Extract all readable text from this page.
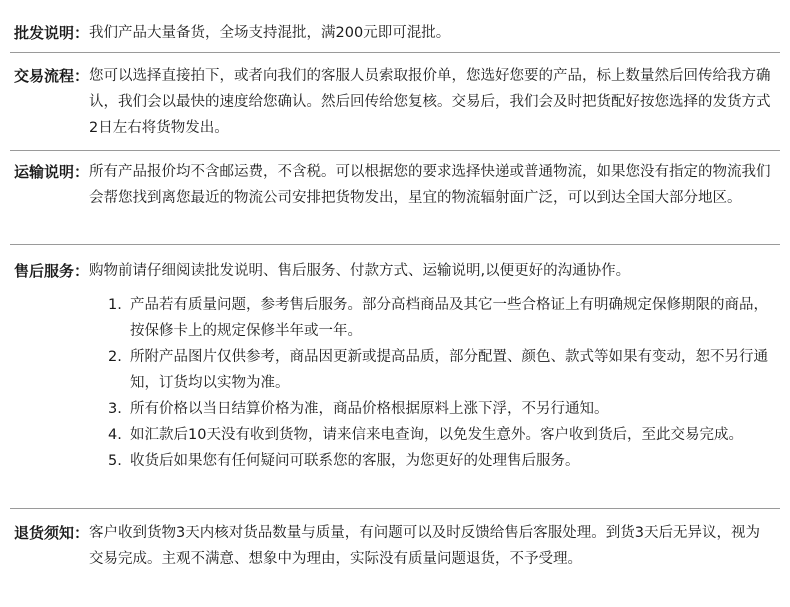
批发说明： 我们产品大量备货，全场支持混批，满200元即可混批。

交易流程： 您可以选择直接拍下，或者向我们的客服人员索取报价单，您选好您要的产品，标上数量然后回传给我方确认，我们会以最快的速度给您确认。然后回传给您复核。交易后，我们会及时把货配好按您选择的发货方式2日左右将货物发出。

运输说明： 所有产品报价均不含邮运费，不含税。可以根据您的要求选择快递或普通物流，如果您没有指定的物流我们会帮您找到离您最近的物流公司安排把货物发出，星宜的物流辐射面广泛，可以到达全国大部分地区。

售后服务： 购物前请仔细阅读批发说明、售后服务、付款方式、运输说明,以便更好的沟通协作。

1. 产品若有质量问题，参考售后服务。部分高档商品及其它一些合格证上有明确规定保修期限的商品，按保修卡上的规定保修半年或一年。
2. 所附产品图片仅供参考，商品因更新或提高品质，部分配置、颜色、款式等如果有变动，恕不另行通知，订货均以实物为准。
3. 所有价格以当日结算价格为准，商品价格根据原料上涨下浮，不另行通知。
4. 如汇款后10天没有收到货物，请来信来电查询，以免发生意外。客户收到货后，至此交易完成。
5. 收货后如果您有任何疑问可联系您的客服，为您更好的处理售后服务。
退货须知： 客户收到货物3天内核对货品数量与质量，有问题可以及时反馈给售后客服处理。到货3天后无异议，视为交易完成。主观不满意、想象中为理由，实际没有质量问题退货，不予受理。
